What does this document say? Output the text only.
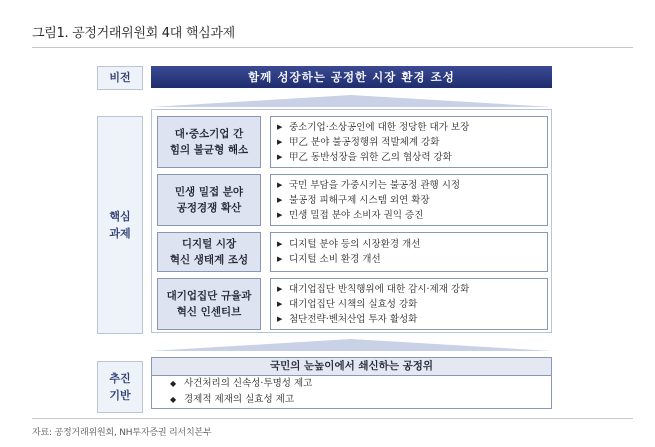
그림1. 공정거래위원회 4대 핵심과제
비전	함께 성장하는 공정한 시장 환경 조성
핵심
과제
대·중소기업 간
힘의 불균형 해소
▶ 중소기업·소상공인에 대한 정당한 대가 보장
▶ 甲乙 분야 불공정행위 적발체계 강화
▶ 甲乙 동반성장을 위한 乙의 협상력 강화
민생 밀접 분야
공정경쟁 확산
▶ 국민 부담을 가중시키는 불공정 관행 시정
▶ 불공정 피해구제 시스템 외연 확장
▶ 민생 밀접 분야 소비자 권익 증진
디지털 시장
혁신 생태계 조성
▶ 디지털 분야 등의 시장환경 개선
▶ 디지털 소비 환경 개선
대기업집단 규율과
혁신 인센티브
▶ 대기업집단 반칙행위에 대한 감시·제재 강화
▶ 대기업집단 시책의 실효성 강화
▶ 첨단전략·벤처산업 투자 활성화
추진
기반
국민의 눈높이에서 쇄신하는 공정위
◆ 사건처리의 신속성·투명성 제고
◆ 경제적 제재의 실효성 제고
자료: 공정거래위원회, NH투자증권 리서치본부
